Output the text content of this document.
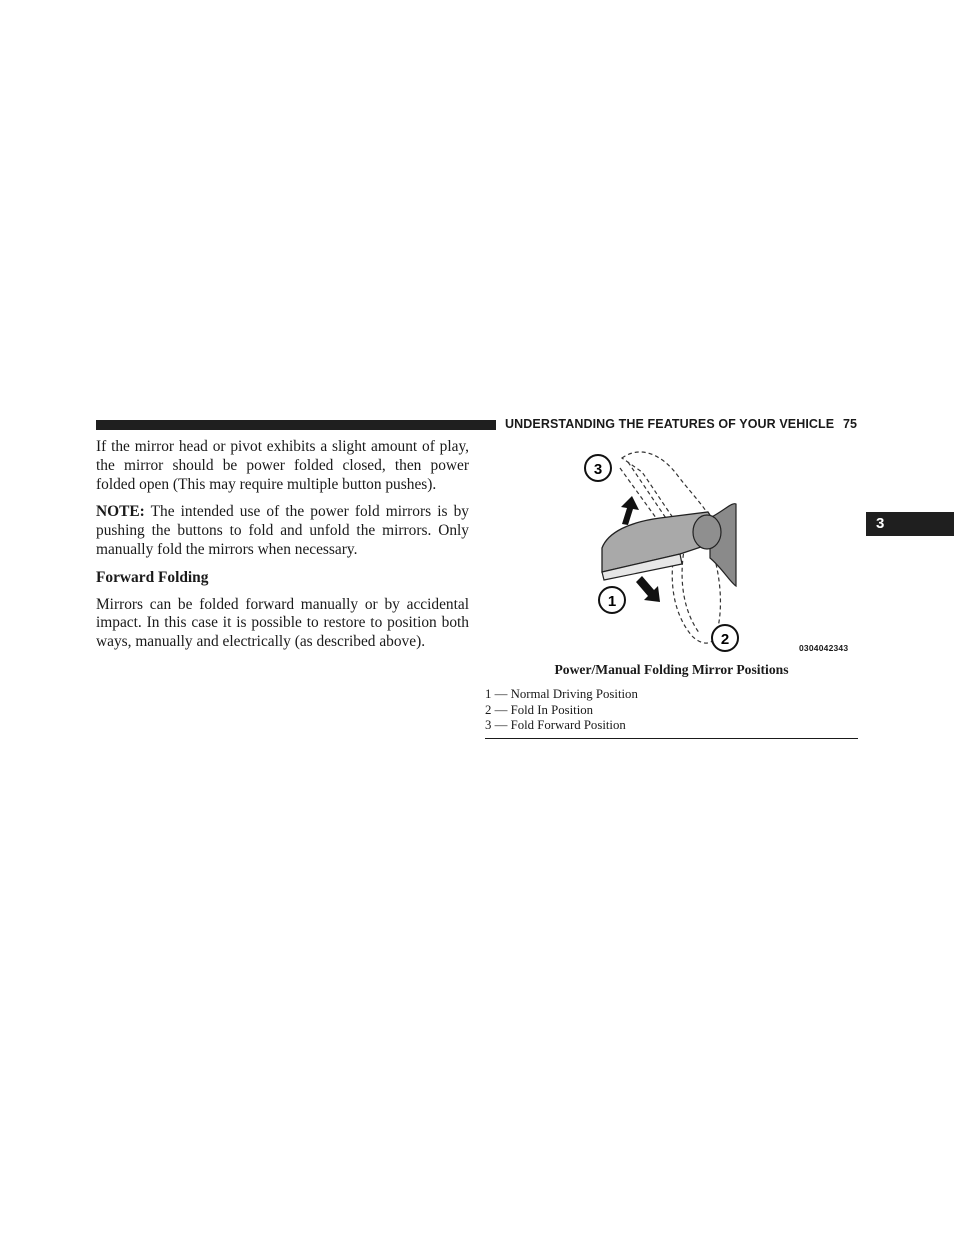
UNDERSTANDING THE FEATURES OF YOUR VEHICLE 75
3

If the mirror head or pivot exhibits a slight amount of play, the mirror should be power folded closed, then power folded open (This may require multiple button pushes).

NOTE: The intended use of the power fold mirrors is by pushing the buttons to fold and unfold the mirrors. Only manually fold the mirrors when necessary.

Forward Folding

Mirrors can be folded forward manually or by accidental impact. In this case it is possible to restore to position both ways, manually and electrically (as described above).

1
2
3
0304042343
Power/Manual Folding Mirror Positions
1 — Normal Driving Position
2 — Fold In Position
3 — Fold Forward Position
